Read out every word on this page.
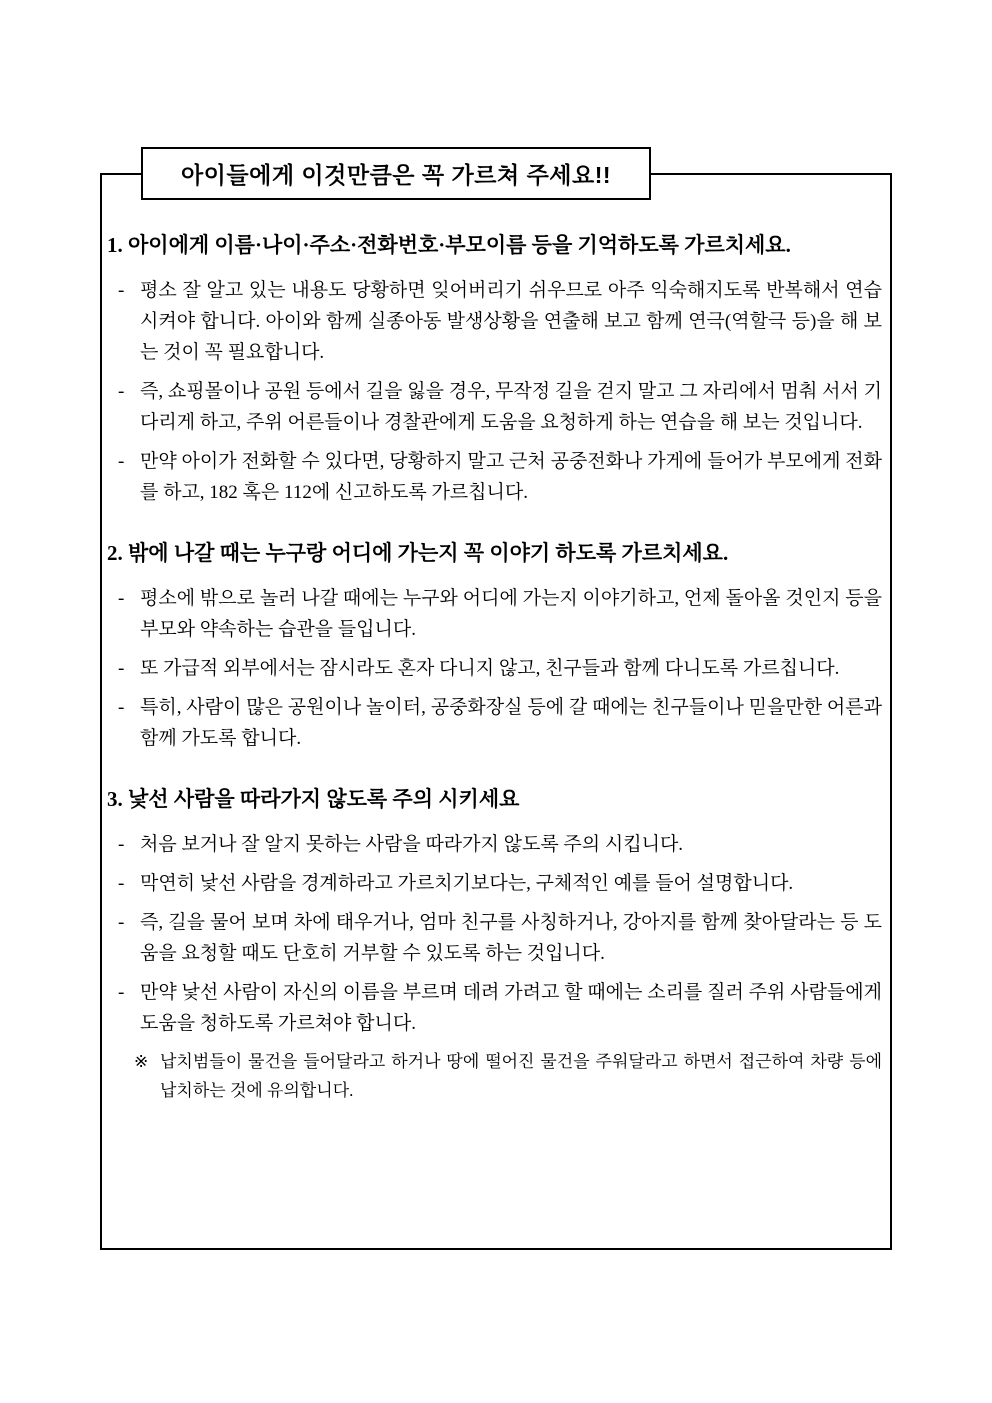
1. 아이에게 이름·나이·주소·전화번호·부모이름 등을 기억하도록 가르치세요.
- 평소 잘 알고 있는 내용도 당황하면 잊어버리기 쉬우므로 아주 익숙해지도록 반복해서 연습시켜야 합니다. 아이와 함께 실종아동 발생상황을 연출해 보고 함께 연극(역할극 등)을 해 보는 것이 꼭 필요합니다.
- 즉, 쇼핑몰이나 공원 등에서 길을 잃을 경우, 무작정 길을 걷지 말고 그 자리에서 멈춰 서서 기다리게 하고, 주위 어른들이나 경찰관에게 도움을 요청하게 하는 연습을 해 보는 것입니다.
- 만약 아이가 전화할 수 있다면, 당황하지 말고 근처 공중전화나 가게에 들어가 부모에게 전화를 하고, 182 혹은 112에 신고하도록 가르칩니다.
2. 밖에 나갈 때는 누구랑 어디에 가는지 꼭 이야기 하도록 가르치세요.
- 평소에 밖으로 놀러 나갈 때에는 누구와 어디에 가는지 이야기하고, 언제 돌아올 것인지 등을 부모와 약속하는 습관을 들입니다.
- 또 가급적 외부에서는 잠시라도 혼자 다니지 않고, 친구들과 함께 다니도록 가르칩니다.
- 특히, 사람이 많은 공원이나 놀이터, 공중화장실 등에 갈 때에는 친구들이나 믿을만한 어른과 함께 가도록 합니다.
3. 낯선 사람을 따라가지 않도록 주의 시키세요
- 처음 보거나 잘 알지 못하는 사람을 따라가지 않도록 주의 시킵니다.
- 막연히 낯선 사람을 경계하라고 가르치기보다는, 구체적인 예를 들어 설명합니다.
- 즉, 길을 물어 보며 차에 태우거나, 엄마 친구를 사칭하거나, 강아지를 함께 찾아달라는 등 도움을 요청할 때도 단호히 거부할 수 있도록 하는 것입니다.
- 만약 낯선 사람이 자신의 이름을 부르며 데려 가려고 할 때에는 소리를 질러 주위 사람들에게 도움을 청하도록 가르쳐야 합니다.
※ 납치범들이 물건을 들어달라고 하거나 땅에 떨어진 물건을 주워달라고 하면서 접근하여 차량 등에 납치하는 것에 유의합니다.
아이들에게 이것만큼은 꼭 가르쳐 주세요!!
